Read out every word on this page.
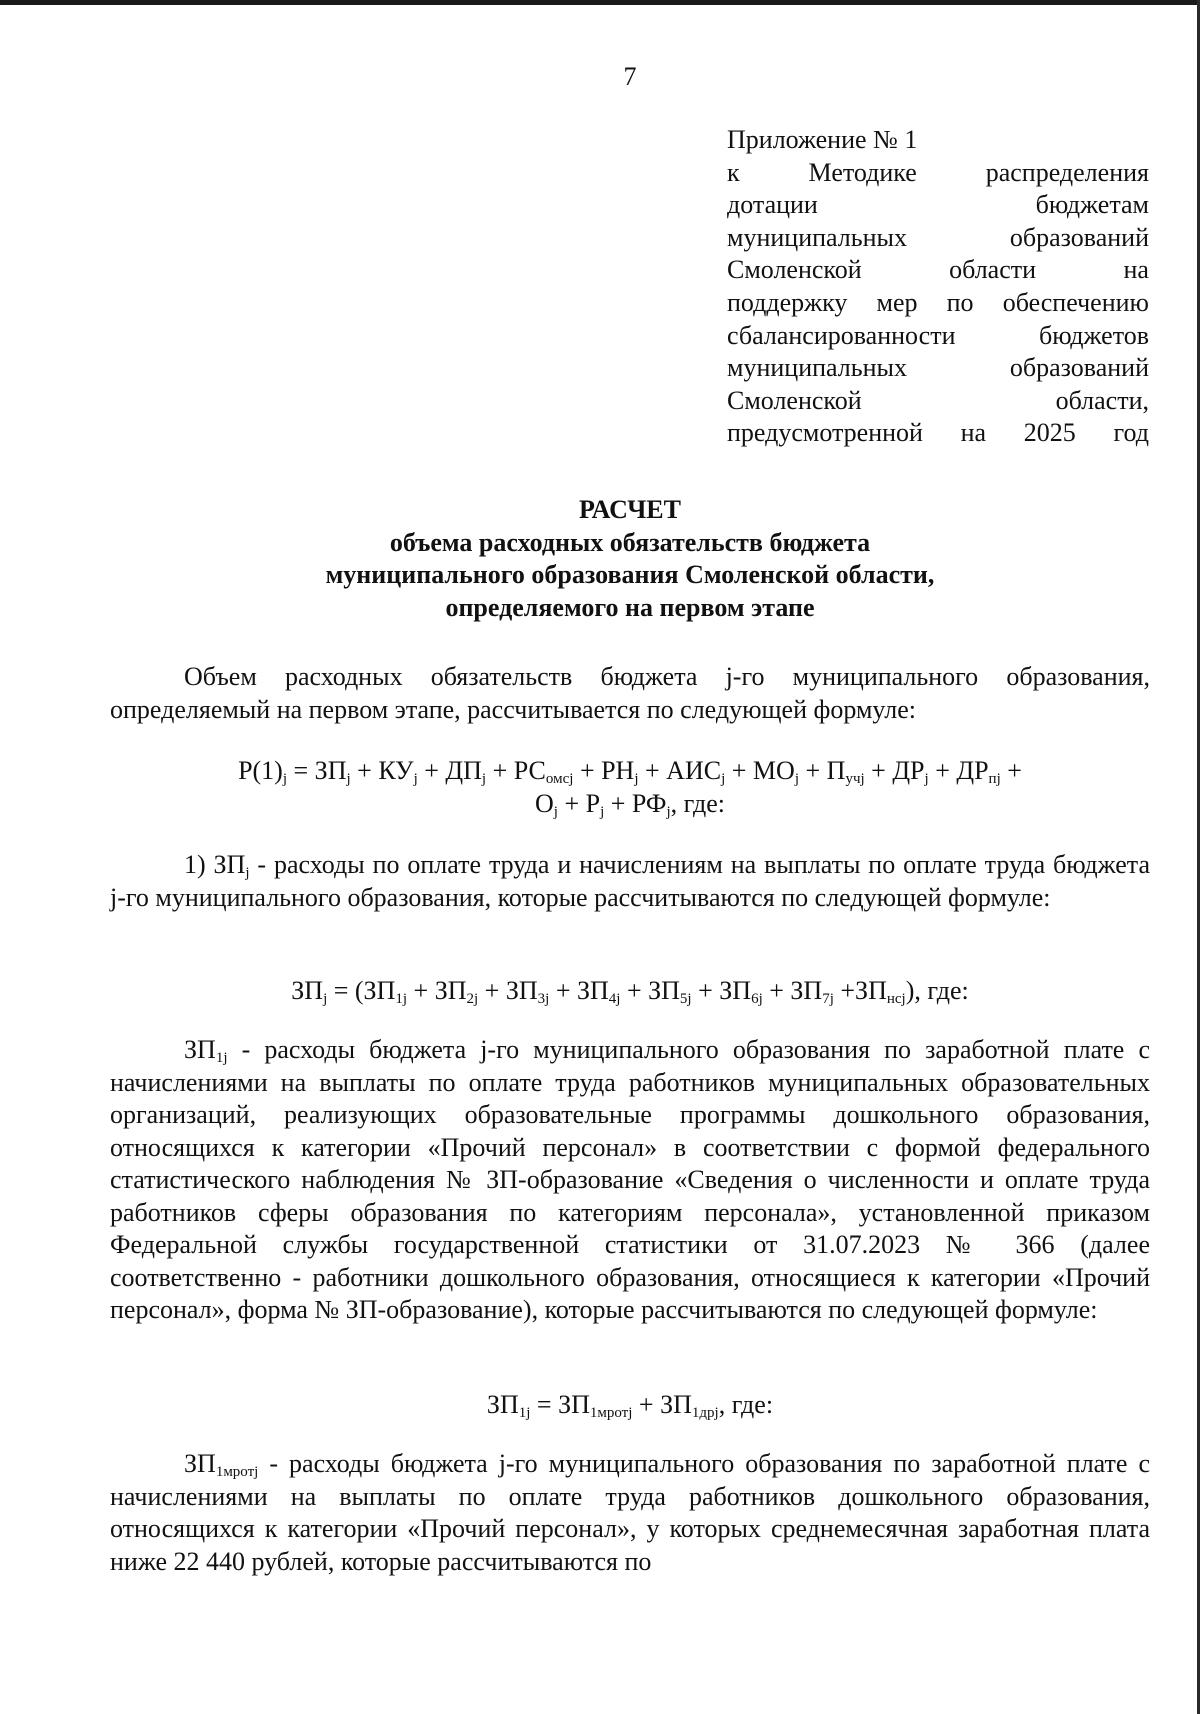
7
Приложение № 1
к	Методике	распределения
дотации	бюджетам
муниципальных	образований
Смоленской	области	на
поддержку мер по обеспечению
сбалансированности	бюджетов
муниципальных	образований
Смоленской	области,
предусмотренной на 2025 год
РАСЧЕТ
объема расходных обязательств бюджета
муниципального образования Смоленской области,
определяемого на первом этапе
Объем расходных обязательств бюджета j-го муниципального образования, определяемый на первом этапе, рассчитывается по следующей формуле:
$Р(1)_j = ЗП_j + КУ_j + ДП_j + РС_{омсj} + РН_j + АИС_j + МО_j + П_{учj} + ДР_j + ДР_{пj}$ +
$О_j + Р_j + РФ_j$, где:
1) $ЗП_j$ - расходы по оплате труда и начислениям на выплаты по оплате труда бюджета j-го муниципального образования, которые рассчитываются по следующей формуле:
$ЗП_j = (ЗП_{1j} + ЗП_{2j} + ЗП_{3j} + ЗП_{4j} + ЗП_{5j} + ЗП_{6j} + ЗП_{7j} +ЗП_{нсj})$, где:
$ЗП_{1j}$ - расходы бюджета j-го муниципального образования по заработной плате с начислениями на выплаты по оплате труда работников муниципальных образовательных организаций, реализующих образовательные программы дошкольного образования, относящихся к категории «Прочий персонал» в соответствии с формой федерального статистического наблюдения № ЗП-образование «Сведения о численности и оплате труда работников сферы образования по категориям персонала», установленной приказом Федеральной службы государственной статистики от 31.07.2023 № 366 (далее соответственно - работники дошкольного образования, относящиеся к категории «Прочий персонал», форма № ЗП-образование), которые рассчитываются по следующей формуле:
$ЗП_{1j} = ЗП_{1мротj} + ЗП_{1дрj}$, где:
$ЗП_{1мротj}$ - расходы бюджета j-го муниципального образования по заработной плате с начислениями на выплаты по оплате труда работников дошкольного образования, относящихся к категории «Прочий персонал», у которых среднемесячная заработная плата ниже 22 440 рублей, которые рассчитываются по
